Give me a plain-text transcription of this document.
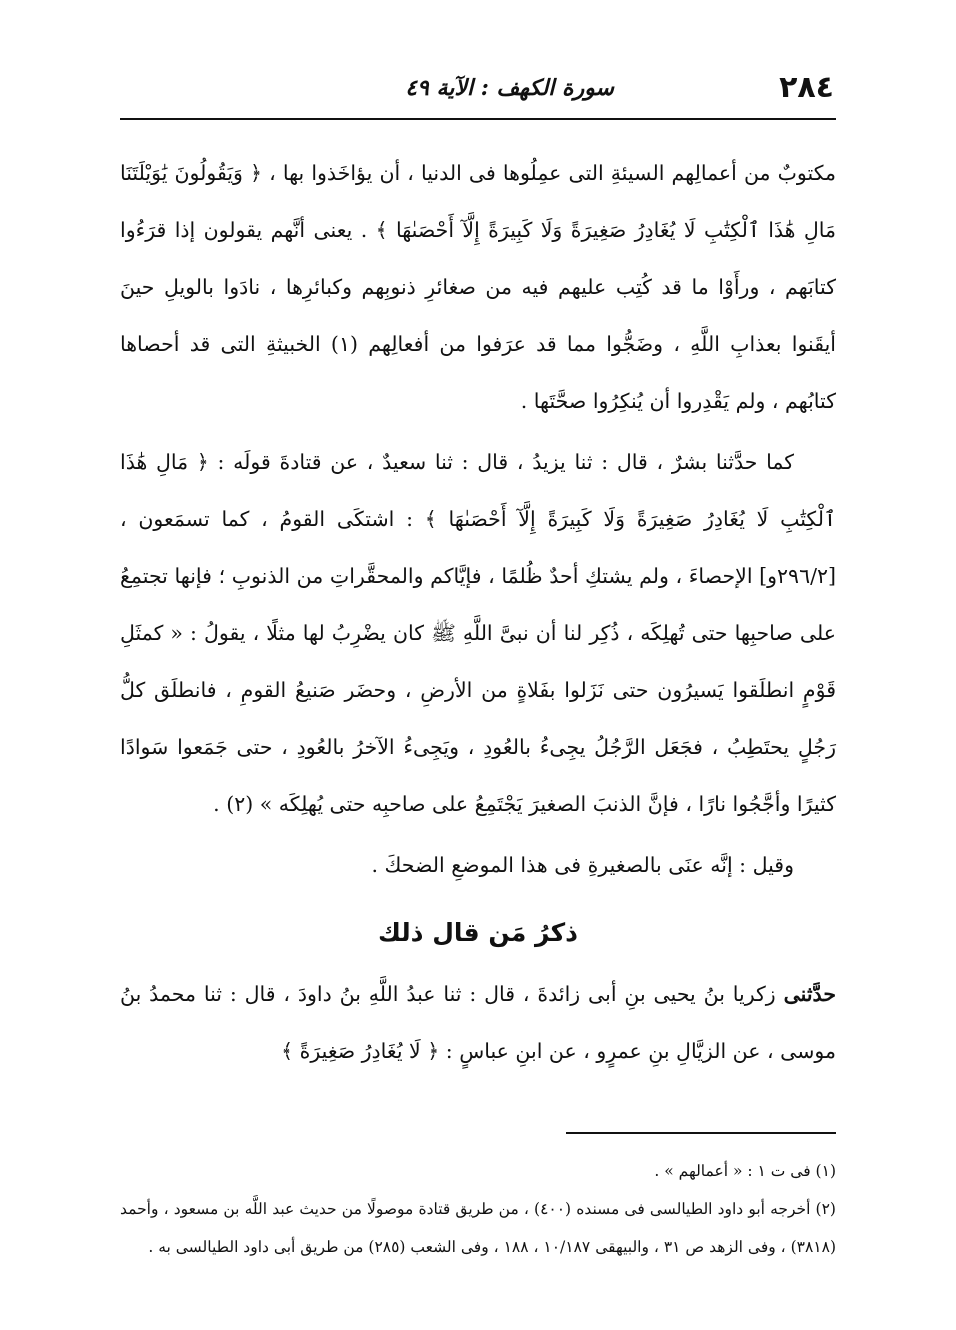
٢٨٤
سورة الكهف : الآية ٤٩

مكتوبٌ من أعمالِهم السيئةِ التى عمِلُوها فى الدنيا ، أن يؤاخَذوا بها ، ﴿ وَيَقُولُونَ يَٰوَيْلَتَنَا مَالِ هَٰذَا ٱلْكِتَٰبِ لَا يُغَادِرُ صَغِيرَةً وَلَا كَبِيرَةً إِلَّآ أَحْصَىٰهَا ﴾ . يعنى أنَّهم يقولون إذا قرَءُوا كتابَهم ، ورأَوْا ما قد كُتِب عليهم فيه من صغائرِ ذنوبِهم وكبائرِها ، نادَوا بالويلِ حينَ أيقَنوا بعذابِ اللَّهِ ، وضَجُّوا مما قد عرَفوا من أفعالِهم (١) الخبيثةِ التى قد أحصاها كتابُهم ، ولم يَقْدِروا أن يُنكِرُوا صحَّتَها .

كما حدَّثنا بشرٌ ، قال : ثنا يزيدُ ، قال : ثنا سعيدٌ ، عن قتادةَ قولَه : ﴿ مَالِ هَٰذَا ٱلْكِتَٰبِ لَا يُغَادِرُ صَغِيرَةً وَلَا كَبِيرَةً إِلَّآ أَحْصَىٰهَا ﴾ : اشتكَى القومُ ، كما تسمَعون ، [٢٩٦/٢و] الإحصاءَ ، ولم يشتكِ أحدٌ ظُلمًا ، فإيَّاكم والمحقَّراتِ من الذنوبِ ؛ فإنها تجتمِعُ على صاحبِها حتى تُهلِكَه ، ذُكِر لنا أن نبىَّ اللَّهِ ﷺ كان يضْرِبُ لها مثلًا ، يقولُ : « كمثَلِ قَوْمٍ انطلَقوا يَسيرُون حتى نَزَلوا بفَلاةٍ من الأرضِ ، وحضَر صَنيعُ القومِ ، فانطلَق كلُّ رَجُلٍ يحتَطِبُ ، فجَعَل الرَّجُلُ يجِىءُ بالعُودِ ، ويَجِىءُ الآخرُ بالعُودِ ، حتى جَمَعوا سَوادًا كثيرًا وأجَّجُوا نارًا ، فإنَّ الذنبَ الصغيرَ يَجْتَمِعُ على صاحبِه حتى يُهلِكَه » (٢) .

وقيل : إنَّه عنَى بالصغيرةِ فى هذا الموضعِ الضحكَ .

ذكرُ مَن قال ذلك

حدَّثنى زكريا بنُ يحيى بنِ أبى زائدةَ ، قال : ثنا عبدُ اللَّهِ بنُ داودَ ، قال : ثنا محمدُ بنُ موسى ، عن الزيَّالِ بنِ عمرٍو ، عن ابنِ عباسٍ : ﴿ لَا يُغَادِرُ صَغِيرَةً ﴾

(١) فى ت ١ : « أعمالهم » .

(٢) أخرجه أبو داود الطيالسى فى مسنده (٤٠٠) ، من طريق قتادة موصولًا من حديث عبد اللَّه بن مسعود ، وأحمد (٣٨١٨) ، وفى الزهد ص ٣١ ، والبيهقى ١٠/١٨٧ ، ١٨٨ ، وفى الشعب (٢٨٥) من طريق أبى داود الطيالسى به .
